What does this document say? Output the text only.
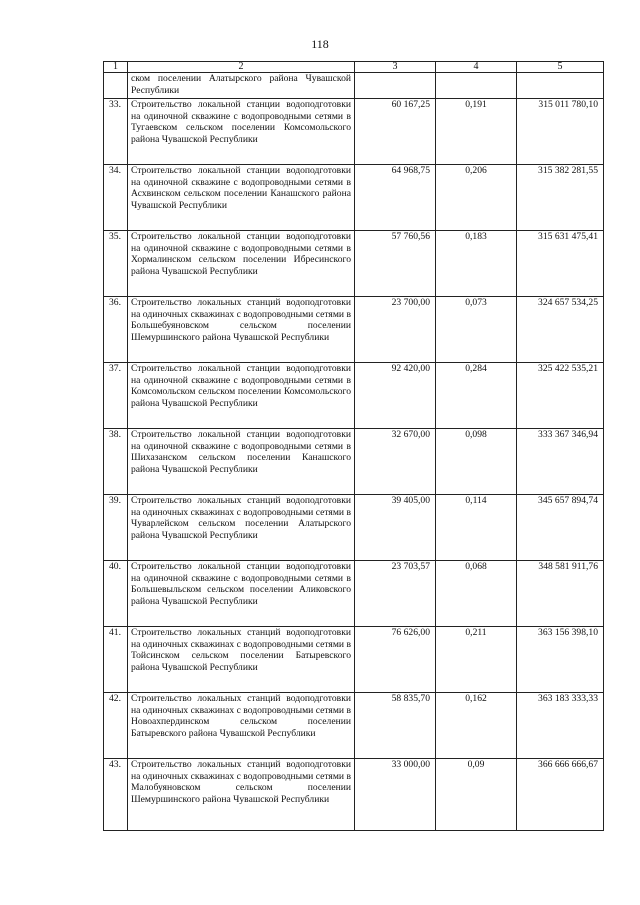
118
1	2	3	4	5
	ском поселении Алатырского района Чувашской Республики			
33.	Строительство локальной станции водоподготовки на одиночной скважине с водопроводными сетями в Тугаевском сельском поселении Комсомольского района Чувашской Республики	60 167,25	0,191	315 011 780,10
34.	Строительство локальной станции водоподготовки на одиночной скважине с водопроводными сетями в Асхвинском сельском поселении Канашского района Чувашской Республики	64 968,75	0,206	315 382 281,55
35.	Строительство локальной станции водоподготовки на одиночной скважине с водопроводными сетями в Хормалинском сельском поселении Ибресинского района Чувашской Республики	57 760,56	0,183	315 631 475,41
36.	Строительство локальных станций водоподготовки на одиночных скважинах с водопроводными сетями в Большебуяновском сельском поселении Шемуршинского района Чувашской Республики	23 700,00	0,073	324 657 534,25
37.	Строительство локальной станции водоподготовки на одиночной скважине с водопроводными сетями в Комсомольском сельском поселении Комсомольского района Чувашской Республики	92 420,00	0,284	325 422 535,21
38.	Строительство локальной станции водоподготовки на одиночной скважине с водопроводными сетями в Шихазанском сельском поселении Канашского района Чувашской Республики	32 670,00	0,098	333 367 346,94
39.	Строительство локальных станций водоподготовки на одиночных скважинах с водопроводными сетями в Чуварлейском сельском поселении Алатырского района Чувашской Республики	39 405,00	0,114	345 657 894,74
40.	Строительство локальной станции водоподготовки на одиночной скважине с водопроводными сетями в Большевыльском сельском поселении Аликовского района Чувашской Республики	23 703,57	0,068	348 581 911,76
41.	Строительство локальных станций водоподготовки на одиночных скважинах с водопроводными сетями в Тойсинском сельском поселении Батыревского района Чувашской Республики	76 626,00	0,211	363 156 398,10
42.	Строительство локальных станций водоподготовки на одиночных скважинах с водопроводными сетями в Новоахпердинском сельском поселении Батыревского района Чувашской Республики	58 835,70	0,162	363 183 333,33
43.	Строительство локальных станций водоподготовки на одиночных скважинах с водопроводными сетями в Малобуяновском сельском поселении Шемуршинского района Чувашской Республики	33 000,00	0,09	366 666 666,67
